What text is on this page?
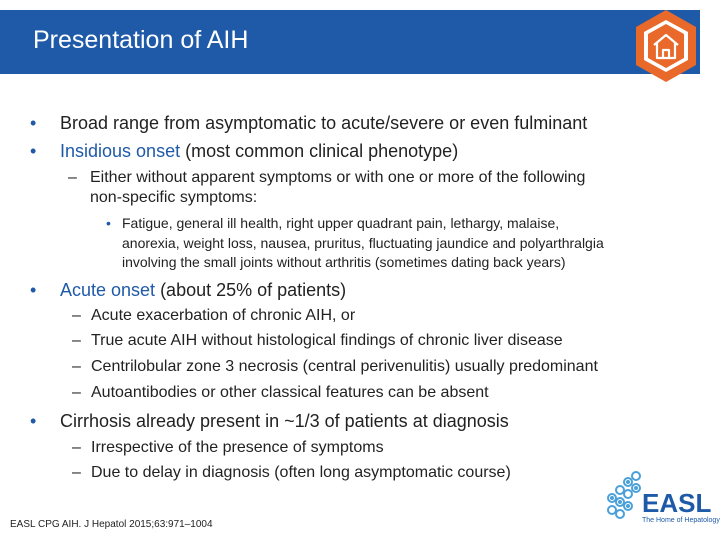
Presentation of AIH
• Broad range from asymptomatic to acute/severe or even fulminant
• Insidious onset (most common clinical phenotype)
– Either without apparent symptoms or with one or more of the following
non-specific symptoms:
• Fatigue, general ill health, right upper quadrant pain, lethargy, malaise,
anorexia, weight loss, nausea, pruritus, fluctuating jaundice and polyarthralgia
involving the small joints without arthritis (sometimes dating back years)
• Acute onset (about 25% of patients)
– Acute exacerbation of chronic AIH, or
– True acute AIH without histological findings of chronic liver disease
– Centrilobular zone 3 necrosis (central perivenulitis) usually predominant
– Autoantibodies or other classical features can be absent
• Cirrhosis already present in ~1/3 of patients at diagnosis
– Irrespective of the presence of symptoms
– Due to delay in diagnosis (often long asymptomatic course)
EASL CPG AIH. J Hepatol 2015;63:971–1004
EASL
The Home of Hepatology
